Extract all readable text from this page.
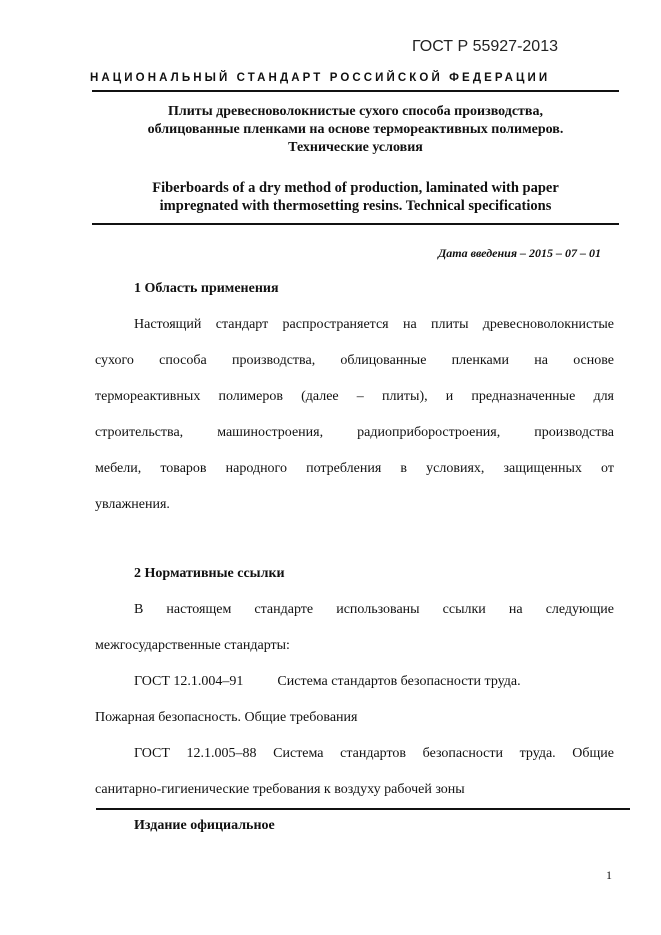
ГОСТ Р 55927-2013
НАЦИОНАЛЬНЫЙ СТАНДАРТ РОССИЙСКОЙ ФЕДЕРАЦИИ
Плиты древесноволокнистые сухого способа производства,
облицованные пленками на основе термореактивных полимеров.
Технические условия
Fiberboards of a dry method of production, laminated with paper
impregnated with thermosetting resins. Technical specifications
Дата введения – 2015 – 07 – 01
1 Область применения
Настоящий стандарт распространяется на плиты древесноволокнистые
сухого способа производства, облицованные пленками на основе
термореактивных полимеров (далее – плиты), и предназначенные для
строительства, машиностроения, радиоприборостроения, производства
мебели, товаров народного потребления в условиях, защищенных от
увлажнения.
2 Нормативные ссылки
В настоящем стандарте использованы ссылки на следующие
межгосударственные стандарты:
ГОСТ 12.1.004–91 Система стандартов безопасности труда.
Пожарная безопасность. Общие требования
ГОСТ 12.1.005–88 Система стандартов безопасности труда. Общие
санитарно-гигиенические требования к воздуху рабочей зоны
Издание официальное
1
